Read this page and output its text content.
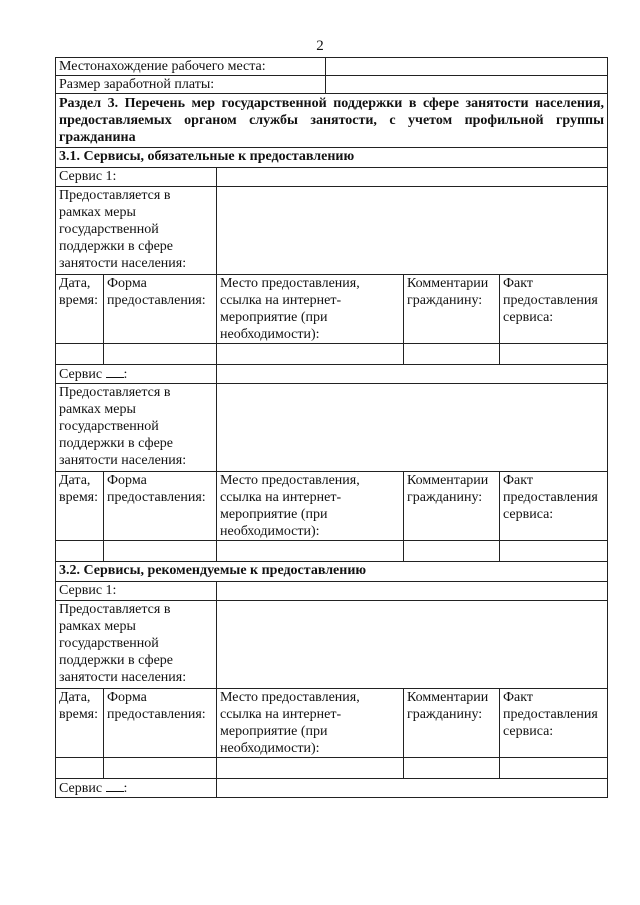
2
Местонахождение рабочего места:	
Размер заработной платы:	
Раздел 3. Перечень мер государственной поддержки в сфере занятости населения, предоставляемых органом службы занятости, с учетом профильной группы гражданина				
3.1. Сервисы, обязательные к предоставлению				
Сервис 1:				
Предоставляется в рамках меры государственной поддержки в сфере занятости населения:				
Дата, время:	Форма предоставления:	Место предоставления, ссылка на интернет-мероприятие (при необходимости):	Комментарии гражданину:	Факт предоставления сервиса:

Сервис :				
Предоставляется в рамках меры государственной поддержки в сфере занятости населения:				
Дата, время:	Форма предоставления:	Место предоставления, ссылка на интернет-мероприятие (при необходимости):	Комментарии гражданину:	Факт предоставления сервиса:

3.2. Сервисы, рекомендуемые к предоставлению				
Сервис 1:				
Предоставляется в рамках меры государственной поддержки в сфере занятости населения:				
Дата, время:	Форма предоставления:	Место предоставления, ссылка на интернет-мероприятие (при необходимости):	Комментарии гражданину:	Факт предоставления сервиса:

Сервис :				
